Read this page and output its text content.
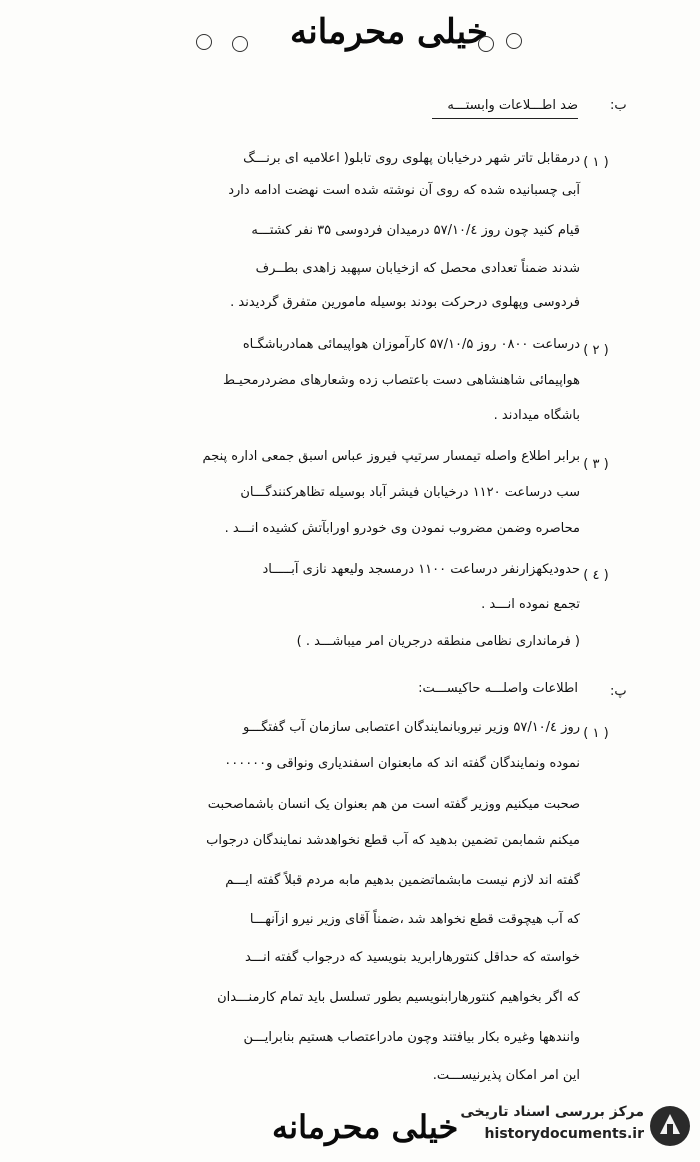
خیلی محرمانه
ب:
ضد اطـــلاعات وابستـــه
( ۱ )
درمقابل تاتر شهر درخیابان پهلوی روی تابلو( اعلامیه ای برنـــگ
آبی چسبانیده شده که روی آن نوشته شده است نهضت ادامه دارد
قیام کنید چون روز ۵۷/۱۰/٤ درمیدان فردوسی ۳۵ نفر کشتـــه
شدند ضمناً تعدادی محصل که ازخیابان سپهبد زاهدی بطــرف
فردوسی وپهلوی درحرکت بودند بوسیله مامورین متفرق گردیدند .
( ۲ )
درساعت ۰۸۰۰ روز ۵۷/۱۰/۵ کارآموزان هواپیمائی همادرباشگـاه
هواپیمائی شاهنشاهی دست باعتصاب زده وشعارهای مضردرمحیـط
باشگاه میدادند .
( ۳ )
برابر اطلاع واصله تیمسار سرتیپ فیروز عباس اسبق جمعی اداره پنجم
سب درساعت ۱۱۲۰ درخیابان فیشر آباد بوسیله تظاهرکنندگـــان
محاصره وضمن مضروب نمودن وی خودرو اورابآتش کشیده انـــد .
( ٤ )
حدودیکهزارنفر درساعت ۱۱۰۰ درمسجد ولیعهد نازی آبـــــاد
تجمع نموده انـــد .
( فرمانداری نظامی منطقه درجریان امر میباشـــد . )
پ:
اطلاعات واصلـــه حاکیســـت:
( ۱ )
روز ۵۷/۱۰/٤ وزیر نیروبانمایندگان اعتصابی سازمان آب گفتگـــو
نموده ونمایندگان گفته اند که مابعنوان اسفندیاری ونواقی و۰۰۰۰۰۰
صحبت میکنیم ووزیر گفته است من هم بعنوان یک انسان باشماصحبت
میکنم شمابمن تضمین بدهید که آب قطع نخواهدشد نمایندگان درجواب
گفته اند لازم نیست مابشماتضمین بدهیم مابه مردم قبلاً گفته ایـــم
که آب هیچوقت قطع نخواهد شد ،ضمناً آقای وزیر نیرو ازآنهـــا
خواسته که حداقل کنتورهارابرید بنویسید که درجواب گفته انـــد
که اگر بخواهیم کنتورهارابنویسیم بطور تسلسل باید تمام کارمنـــدان
وانندهها وغیره بکار بیافتند وچون مادراعتصاب هستیم بنابرایـــن
این امر امکان پذیرنیســـت.
خیلی محرمانه مرکز بررسی اسناد تاریخی
historydocuments.ir
